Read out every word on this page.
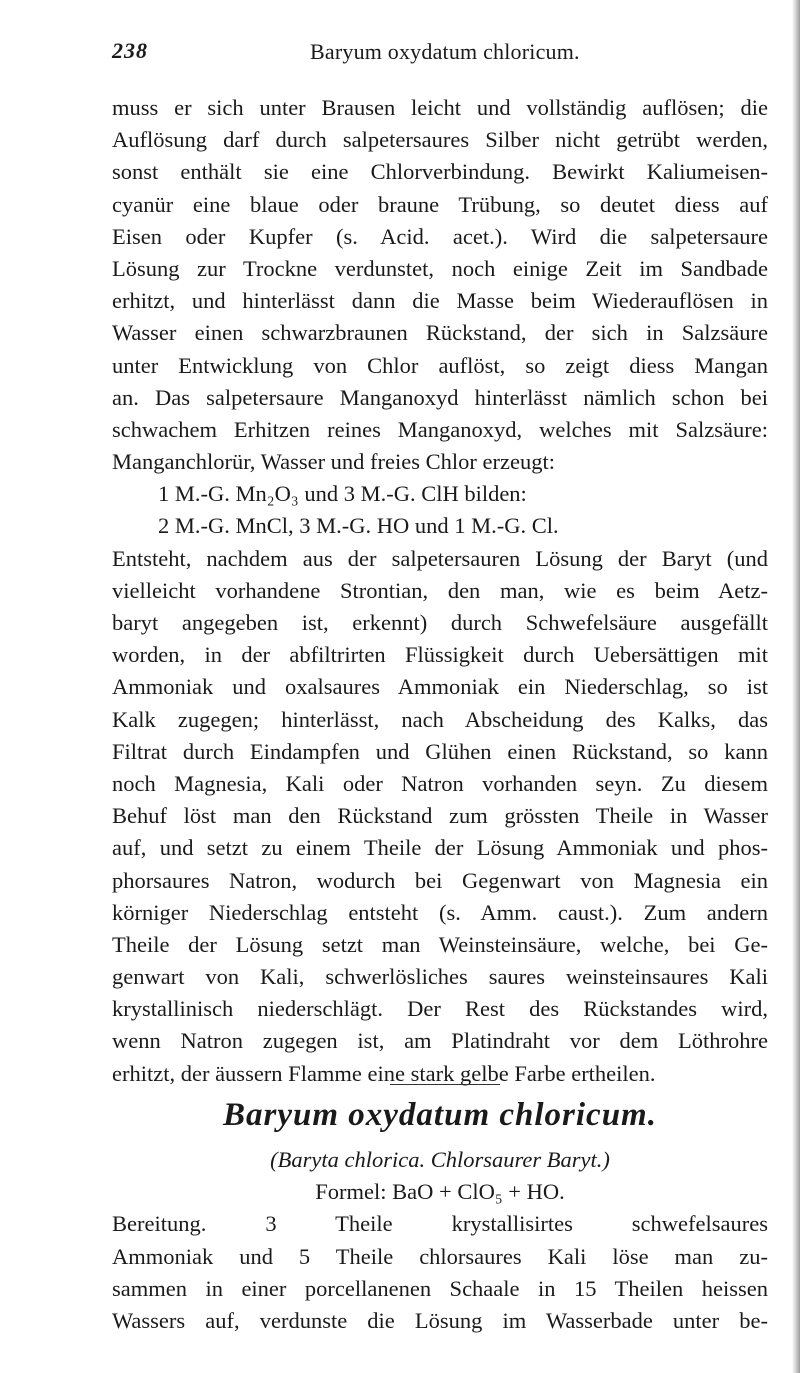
238	Baryum oxydatum chloricum.
muss er sich unter Brausen leicht und vollständig auflösen; die
Auflösung darf durch salpetersaures Silber nicht getrübt werden,
sonst enthält sie eine Chlorverbindung. Bewirkt Kaliumeisen-
cyanür eine blaue oder braune Trübung, so deutet diess auf
Eisen oder Kupfer (s. Acid. acet.). Wird die salpetersaure
Lösung zur Trockne verdunstet, noch einige Zeit im Sandbade
erhitzt, und hinterlässt dann die Masse beim Wiederauflösen in
Wasser einen schwarzbraunen Rückstand, der sich in Salzsäure
unter Entwicklung von Chlor auflöst, so zeigt diess Mangan
an. Das salpetersaure Manganoxyd hinterlässt nämlich schon bei
schwachem Erhitzen reines Manganoxyd, welches mit Salzsäure:
Manganchlorür, Wasser und freies Chlor erzeugt:
1 M.-G. Mn₂O₃ und 3 M.-G. ClH bilden:
2 M.-G. MnCl, 3 M.-G. HO und 1 M.-G. Cl.
Entsteht, nachdem aus der salpetersauren Lösung der Baryt (und
vielleicht vorhandene Strontian, den man, wie es beim Aetz-
baryt angegeben ist, erkennt) durch Schwefelsäure ausgefällt
worden, in der abfiltrirten Flüssigkeit durch Uebersättigen mit
Ammoniak und oxalsaures Ammoniak ein Niederschlag, so ist
Kalk zugegen; hinterlässt, nach Abscheidung des Kalks, das
Filtrat durch Eindampfen und Glühen einen Rückstand, so kann
noch Magnesia, Kali oder Natron vorhanden seyn. Zu diesem
Behuf löst man den Rückstand zum grössten Theile in Wasser
auf, und setzt zu einem Theile der Lösung Ammoniak und phos-
phorsaures Natron, wodurch bei Gegenwart von Magnesia ein
körniger Niederschlag entsteht (s. Amm. caust.). Zum andern
Theile der Lösung setzt man Weinsteinsäure, welche, bei Ge-
genwart von Kali, schwerlösliches saures weinsteinsaures Kali
krystallinisch niederschlägt. Der Rest des Rückstandes wird,
wenn Natron zugegen ist, am Platindraht vor dem Löthrohre
erhitzt, der äussern Flamme eine stark gelbe Farbe ertheilen.
Baryum oxydatum chloricum.
(Baryta chlorica. Chlorsaurer Baryt.)
Formel: BaO + ClO₅ + HO.
Bereitung. 3 Theile krystallisirtes schwefelsaures
Ammoniak und 5 Theile chlorsaures Kali löse man zu-
sammen in einer porcellanenen Schaale in 15 Theilen heissen
Wassers auf, verdunste die Lösung im Wasserbade unter be-
